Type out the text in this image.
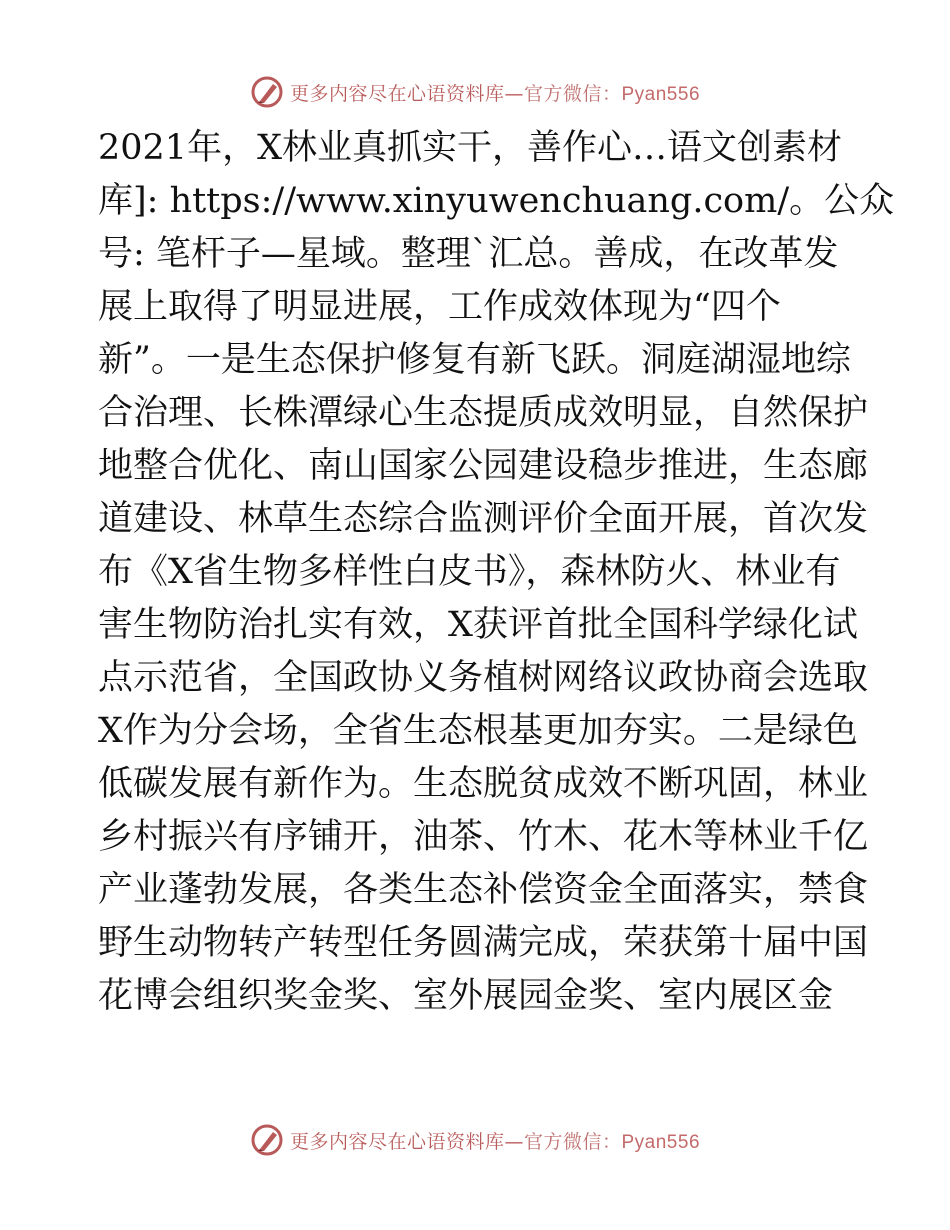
更多内容尽在心语资料库—官方微信：Pyan556
2021年，X林业真抓实干，善作心…语文创素材
库]: https://www.xinyuwenchuang.com/。公众
号: 笔杆子—星域。整理`汇总。善成，在改革发
展上取得了明显进展，工作成效体现为“四个
新”。一是生态保护修复有新飞跃。洞庭湖湿地综
合治理、长株潭绿心生态提质成效明显，自然保护
地整合优化、南山国家公园建设稳步推进，生态廊
道建设、林草生态综合监测评价全面开展，首次发
布《X省生物多样性白皮书》，森林防火、林业有
害生物防治扎实有效，X获评首批全国科学绿化试
点示范省，全国政协义务植树网络议政协商会选取
X作为分会场，全省生态根基更加夯实。二是绿色
低碳发展有新作为。生态脱贫成效不断巩固，林业
乡村振兴有序铺开，油茶、竹木、花木等林业千亿
产业蓬勃发展，各类生态补偿资金全面落实，禁食
野生动物转产转型任务圆满完成，荣获第十届中国
花博会组织奖金奖、室外展园金奖、室内展区金
更多内容尽在心语资料库—官方微信：Pyan556
